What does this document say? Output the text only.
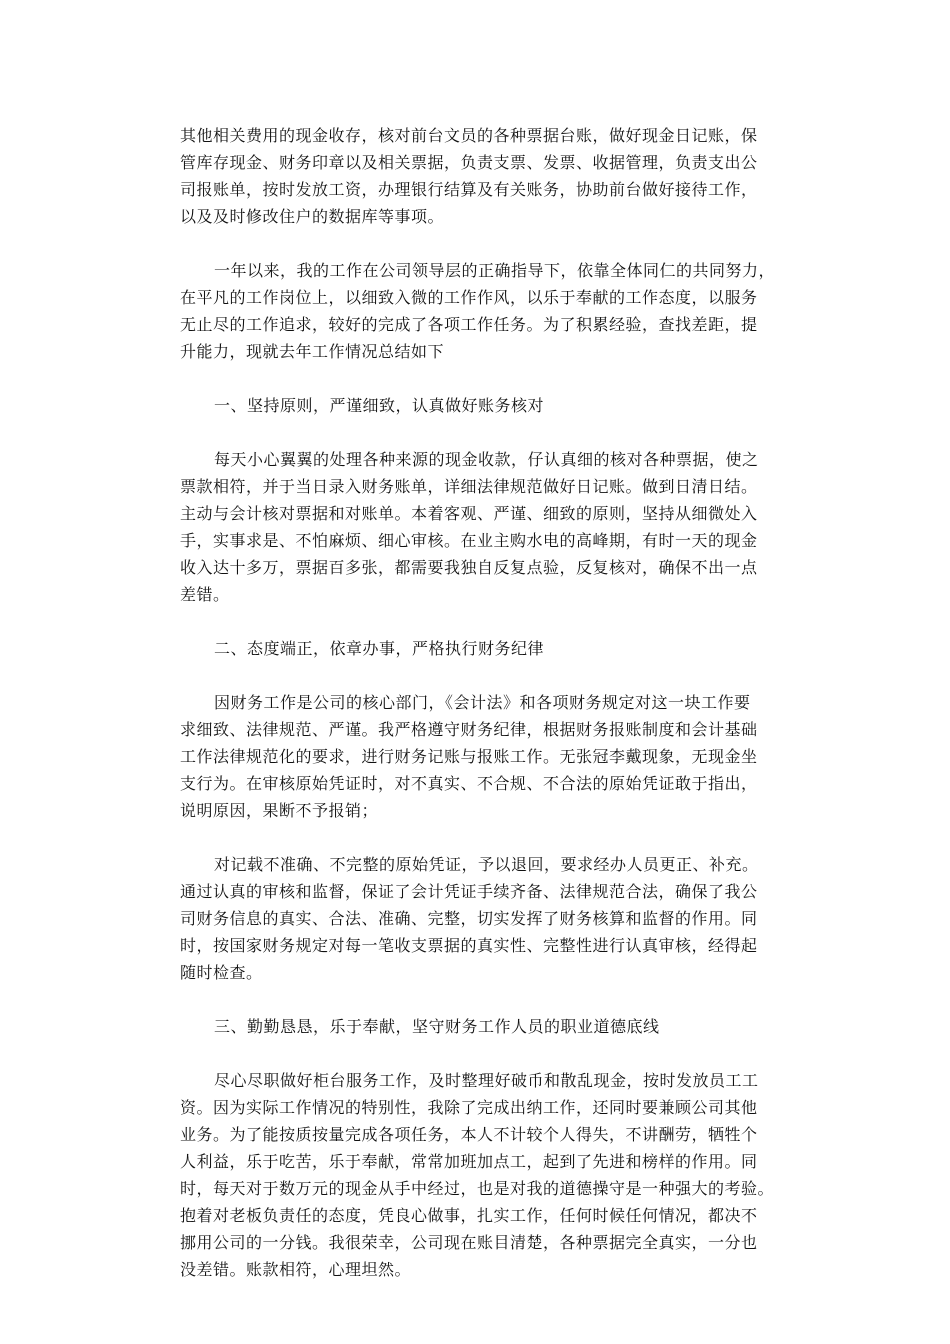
其他相关费用的现金收存，核对前台文员的各种票据台账，做好现金日记账，保
管库存现金、财务印章以及相关票据，负责支票、发票、收据管理，负责支出公
司报账单，按时发放工资，办理银行结算及有关账务，协助前台做好接待工作，
以及及时修改住户的数据库等事项。
一年以来，我的工作在公司领导层的正确指导下，依靠全体同仁的共同努力，
在平凡的工作岗位上，以细致入微的工作作风，以乐于奉献的工作态度，以服务
无止尽的工作追求，较好的完成了各项工作任务。为了积累经验，查找差距，提
升能力，现就去年工作情况总结如下
一、坚持原则，严谨细致，认真做好账务核对
每天小心翼翼的处理各种来源的现金收款，仔认真细的核对各种票据，使之
票款相符，并于当日录入财务账单，详细法律规范做好日记账。做到日清日结。
主动与会计核对票据和对账单。本着客观、严谨、细致的原则，坚持从细微处入
手，实事求是、不怕麻烦、细心审核。在业主购水电的高峰期，有时一天的现金
收入达十多万，票据百多张，都需要我独自反复点验，反复核对，确保不出一点
差错。
二、态度端正，依章办事，严格执行财务纪律
因财务工作是公司的核心部门，《会计法》和各项财务规定对这一块工作要
求细致、法律规范、严谨。我严格遵守财务纪律，根据财务报账制度和会计基础
工作法律规范化的要求，进行财务记账与报账工作。无张冠李戴现象，无现金坐
支行为。在审核原始凭证时，对不真实、不合规、不合法的原始凭证敢于指出，
说明原因，果断不予报销；
对记载不准确、不完整的原始凭证，予以退回，要求经办人员更正、补充。
通过认真的审核和监督，保证了会计凭证手续齐备、法律规范合法，确保了我公
司财务信息的真实、合法、准确、完整，切实发挥了财务核算和监督的作用。同
时，按国家财务规定对每一笔收支票据的真实性、完整性进行认真审核，经得起
随时检查。
三、勤勤恳恳，乐于奉献，坚守财务工作人员的职业道德底线
尽心尽职做好柜台服务工作，及时整理好破币和散乱现金，按时发放员工工
资。因为实际工作情况的特别性，我除了完成出纳工作，还同时要兼顾公司其他
业务。为了能按质按量完成各项任务，本人不计较个人得失，不讲酬劳，牺牲个
人利益，乐于吃苦，乐于奉献，常常加班加点工，起到了先进和榜样的作用。同
时，每天对于数万元的现金从手中经过，也是对我的道德操守是一种强大的考验。
抱着对老板负责任的态度，凭良心做事，扎实工作，任何时候任何情况，都决不
挪用公司的一分钱。我很荣幸，公司现在账目清楚，各种票据完全真实，一分也
没差错。账款相符，心理坦然。
